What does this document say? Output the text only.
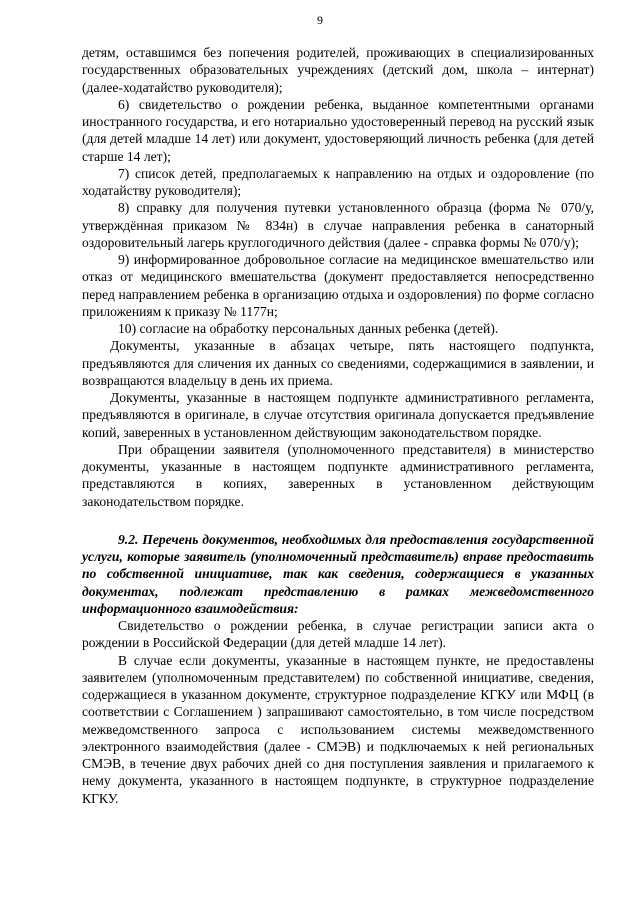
9

детям, оставшимся без попечения родителей, проживающих в специализированных государственных образовательных учреждениях (детский дом, школа – интернат) (далее-ходатайство руководителя);

6) свидетельство о рождении ребенка, выданное компетентными органами иностранного государства, и его нотариально удостоверенный перевод на русский язык (для детей младше 14 лет) или документ, удостоверяющий личность ребенка (для детей старше 14 лет);

7) список детей, предполагаемых к направлению на отдых и оздоровление (по ходатайству руководителя);

8) справку для получения путевки установленного образца (форма № 070/у, утверждённая приказом № 834н) в случае направления ребенка в санаторный оздоровительный лагерь круглогодичного действия (далее - справка формы № 070/у);

9) информированное добровольное согласие на медицинское вмешательство или отказ от медицинского вмешательства (документ предоставляется непосредственно перед направлением ребенка в организацию отдыха и оздоровления) по форме согласно приложениям к приказу № 1177н;

10) согласие на обработку персональных данных ребенка (детей).

Документы, указанные в абзацах четыре, пять настоящего подпункта, предъявляются для сличения их данных со сведениями, содержащимися в заявлении, и возвращаются владельцу в день их приема.

Документы, указанные в настоящем подпункте административного регламента, предъявляются в оригинале, в случае отсутствия оригинала допускается предъявление копий, заверенных в установленном действующим законодательством порядке.

При обращении заявителя (уполномоченного представителя) в министерство документы, указанные в настоящем подпункте административного регламента, представляются в копиях, заверенных в установленном действующим законодательством порядке.

9.2. Перечень документов, необходимых для предоставления государственной услуги, которые заявитель (уполномоченный представитель) вправе предоставить по собственной инициативе, так как сведения, содержащиеся в указанных документах, подлежат представлению в рамках межведомственного информационного взаимодействия:

Свидетельство о рождении ребенка, в случае регистрации записи акта о рождении в Российской Федерации (для детей младше 14 лет).

В случае если документы, указанные в настоящем пункте, не предоставлены заявителем (уполномоченным представителем) по собственной инициативе, сведения, содержащиеся в указанном документе, структурное подразделение КГКУ или МФЦ (в соответствии с Соглашением ) запрашивают самостоятельно, в том числе посредством межведомственного запроса с использованием системы межведомственного электронного взаимодействия (далее - СМЭВ) и подключаемых к ней региональных СМЭВ, в течение двух рабочих дней со дня поступления заявления и прилагаемого к нему документа, указанного в настоящем подпункте, в структурное подразделение КГКУ.
